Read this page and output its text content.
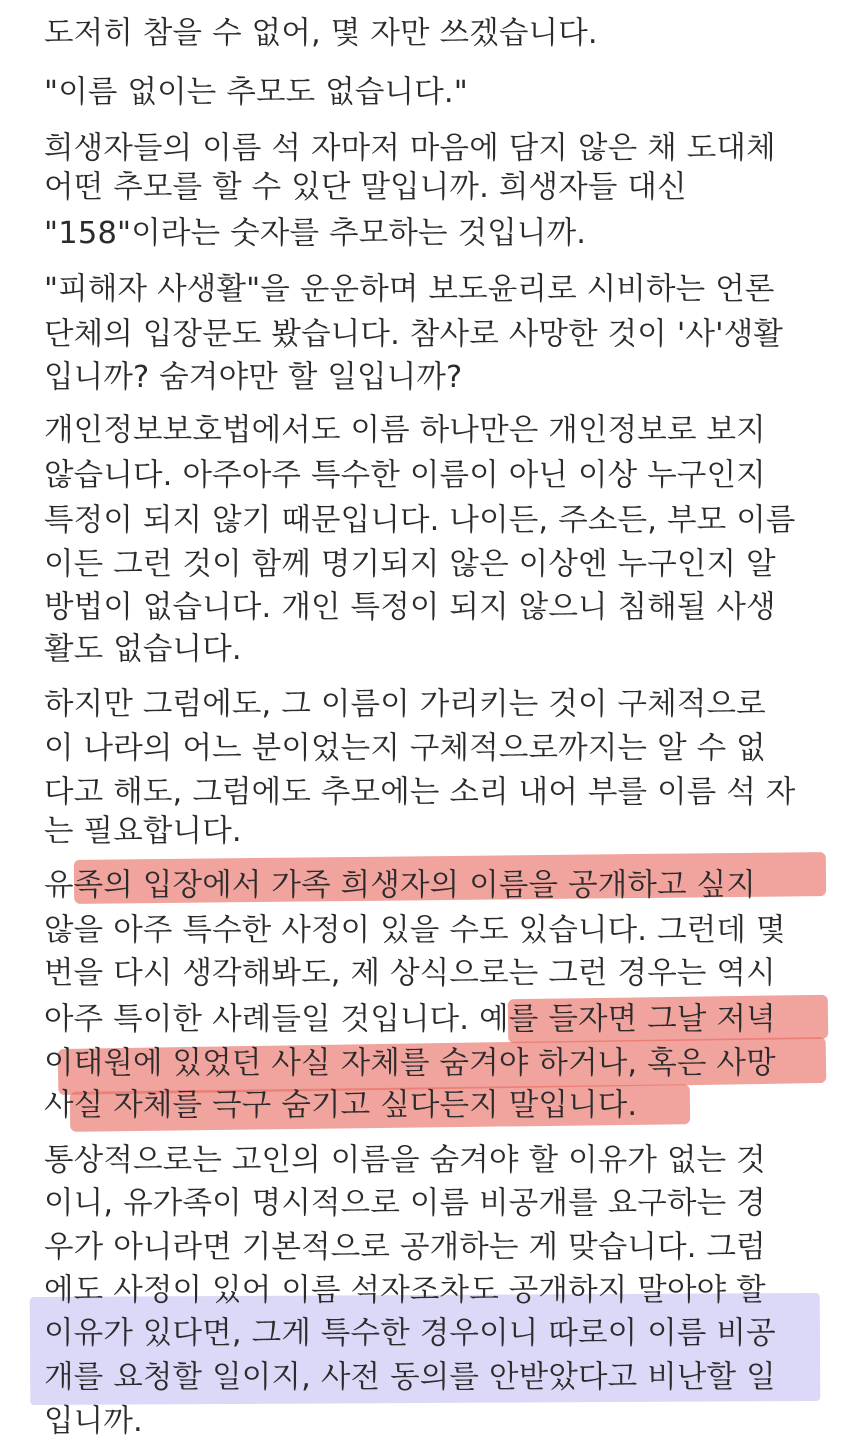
도저히 참을 수 없어, 몇 자만 쓰겠습니다.
"이름 없이는 추모도 없습니다."
희생자들의 이름 석 자마저 마음에 담지 않은 채 도대체
어떤 추모를 할 수 있단 말입니까. 희생자들 대신
"158"이라는 숫자를 추모하는 것입니까.
"피해자 사생활"을 운운하며 보도윤리로 시비하는 언론
단체의 입장문도 봤습니다. 참사로 사망한 것이 '사'생활
입니까? 숨겨야만 할 일입니까?
개인정보보호법에서도 이름 하나만은 개인정보로 보지
않습니다. 아주아주 특수한 이름이 아닌 이상 누구인지
특정이 되지 않기 때문입니다. 나이든, 주소든, 부모 이름
이든 그런 것이 함께 명기되지 않은 이상엔 누구인지 알
방법이 없습니다. 개인 특정이 되지 않으니 침해될 사생
활도 없습니다.
하지만 그럼에도, 그 이름이 가리키는 것이 구체적으로
이 나라의 어느 분이었는지 구체적으로까지는 알 수 없
다고 해도, 그럼에도 추모에는 소리 내어 부를 이름 석 자
는 필요합니다.
유족의 입장에서 가족 희생자의 이름을 공개하고 싶지
않을 아주 특수한 사정이 있을 수도 있습니다. 그런데 몇
번을 다시 생각해봐도, 제 상식으로는 그런 경우는 역시
아주 특이한 사례들일 것입니다. 예를 들자면 그날 저녁
이태원에 있었던 사실 자체를 숨겨야 하거나, 혹은 사망
사실 자체를 극구 숨기고 싶다든지 말입니다.
통상적으로는 고인의 이름을 숨겨야 할 이유가 없는 것
이니, 유가족이 명시적으로 이름 비공개를 요구하는 경
우가 아니라면 기본적으로 공개하는 게 맞습니다. 그럼
에도 사정이 있어 이름 석자조차도 공개하지 말아야 할
이유가 있다면, 그게 특수한 경우이니 따로이 이름 비공
개를 요청할 일이지, 사전 동의를 안받았다고 비난할 일
입니까.
